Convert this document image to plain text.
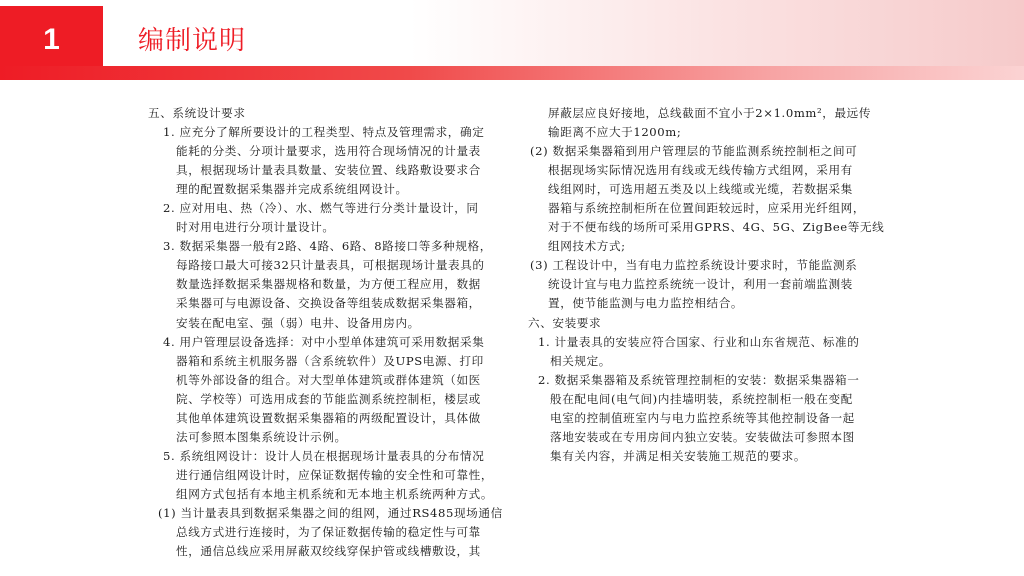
1	编制说明
五、系统设计要求
1. 应充分了解所要设计的工程类型、特点及管理需求，确定
能耗的分类、分项计量要求，选用符合现场情况的计量表
具，根据现场计量表具数量、安装位置、线路敷设要求合
理的配置数据采集器并完成系统组网设计。
2. 应对用电、热（冷）、水、燃气等进行分类计量设计，同
时对用电进行分项计量设计。
3. 数据采集器一般有2路、4路、6路、8路接口等多种规格，
每路接口最大可接32只计量表具，可根据现场计量表具的
数量选择数据采集器规格和数量，为方便工程应用，数据
采集器可与电源设备、交换设备等组装成数据采集器箱，
安装在配电室、强（弱）电井、设备用房内。
4. 用户管理层设备选择：对中小型单体建筑可采用数据采集
器箱和系统主机服务器（含系统软件）及UPS电源、打印
机等外部设备的组合。对大型单体建筑或群体建筑（如医
院、学校等）可选用成套的节能监测系统控制柜，楼层或
其他单体建筑设置数据采集器箱的两级配置设计，具体做
法可参照本图集系统设计示例。
5. 系统组网设计：设计人员在根据现场计量表具的分布情况
进行通信组网设计时，应保证数据传输的安全性和可靠性，
组网方式包括有本地主机系统和无本地主机系统两种方式。
(1) 当计量表具到数据采集器之间的组网，通过RS485现场通信
总线方式进行连接时，为了保证数据传输的稳定性与可靠
性，通信总线应采用屏蔽双绞线穿保护管或线槽敷设，其
屏蔽层应良好接地，总线截面不宜小于2×1.0mm²，最远传
输距离不应大于1200m;
(2) 数据采集器箱到用户管理层的节能监测系统控制柜之间可
根据现场实际情况选用有线或无线传输方式组网，采用有
线组网时，可选用超五类及以上线缆或光缆，若数据采集
器箱与系统控制柜所在位置间距较远时，应采用光纤组网，
对于不便布线的场所可采用GPRS、4G、5G、ZigBee等无线
组网技术方式;
(3) 工程设计中，当有电力监控系统设计要求时，节能监测系
统设计宜与电力监控系统统一设计，利用一套前端监测装
置，使节能监测与电力监控相结合。
六、安装要求
1. 计量表具的安装应符合国家、行业和山东省规范、标准的
相关规定。
2. 数据采集器箱及系统管理控制柜的安装：数据采集器箱一
般在配电间(电气间)内挂墙明装，系统控制柜一般在变配
电室的控制值班室内与电力监控系统等其他控制设备一起
落地安装或在专用房间内独立安装。安装做法可参照本图
集有关内容，并满足相关安装施工规范的要求。
